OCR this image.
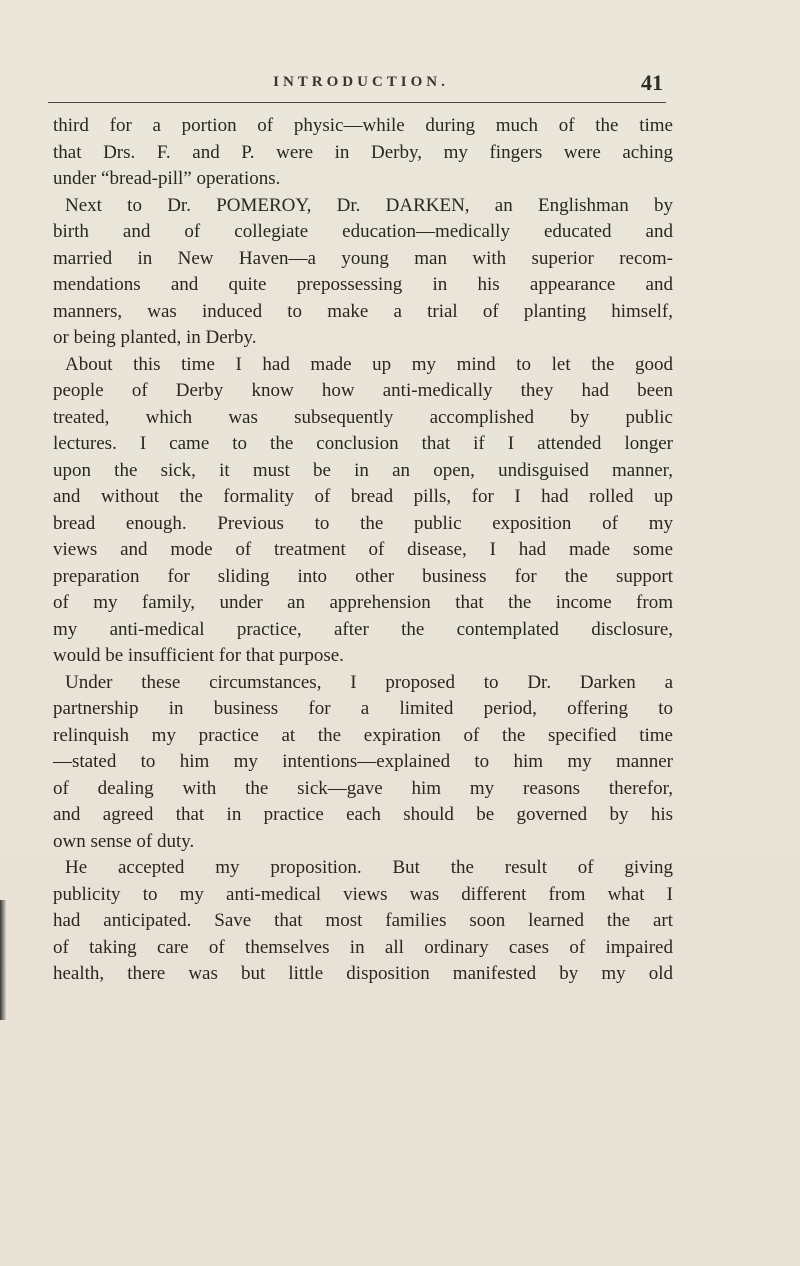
INTRODUCTION.	41
third for a portion of physic—while during much of the time
that Drs. F. and P. were in Derby, my fingers were aching
under “bread-pill” operations.
Next to Dr. POMEROY, Dr. DARKEN, an Englishman by
birth and of collegiate education—medically educated and
married in New Haven—a young man with superior recom-
mendations and quite prepossessing in his appearance and
manners, was induced to make a trial of planting himself,
or being planted, in Derby.
About this time I had made up my mind to let the good
people of Derby know how anti-medically they had been
treated, which was subsequently accomplished by public
lectures. I came to the conclusion that if I attended longer
upon the sick, it must be in an open, undisguised manner,
and without the formality of bread pills, for I had rolled up
bread enough. Previous to the public exposition of my
views and mode of treatment of disease, I had made some
preparation for sliding into other business for the support
of my family, under an apprehension that the income from
my anti-medical practice, after the contemplated disclosure,
would be insufficient for that purpose.
Under these circumstances, I proposed to Dr. Darken a
partnership in business for a limited period, offering to
relinquish my practice at the expiration of the specified time
—stated to him my intentions—explained to him my manner
of dealing with the sick—gave him my reasons therefor,
and agreed that in practice each should be governed by his
own sense of duty.
He accepted my proposition. But the result of giving
publicity to my anti-medical views was different from what I
had anticipated. Save that most families soon learned the art
of taking care of themselves in all ordinary cases of impaired
health, there was but little disposition manifested by my old
